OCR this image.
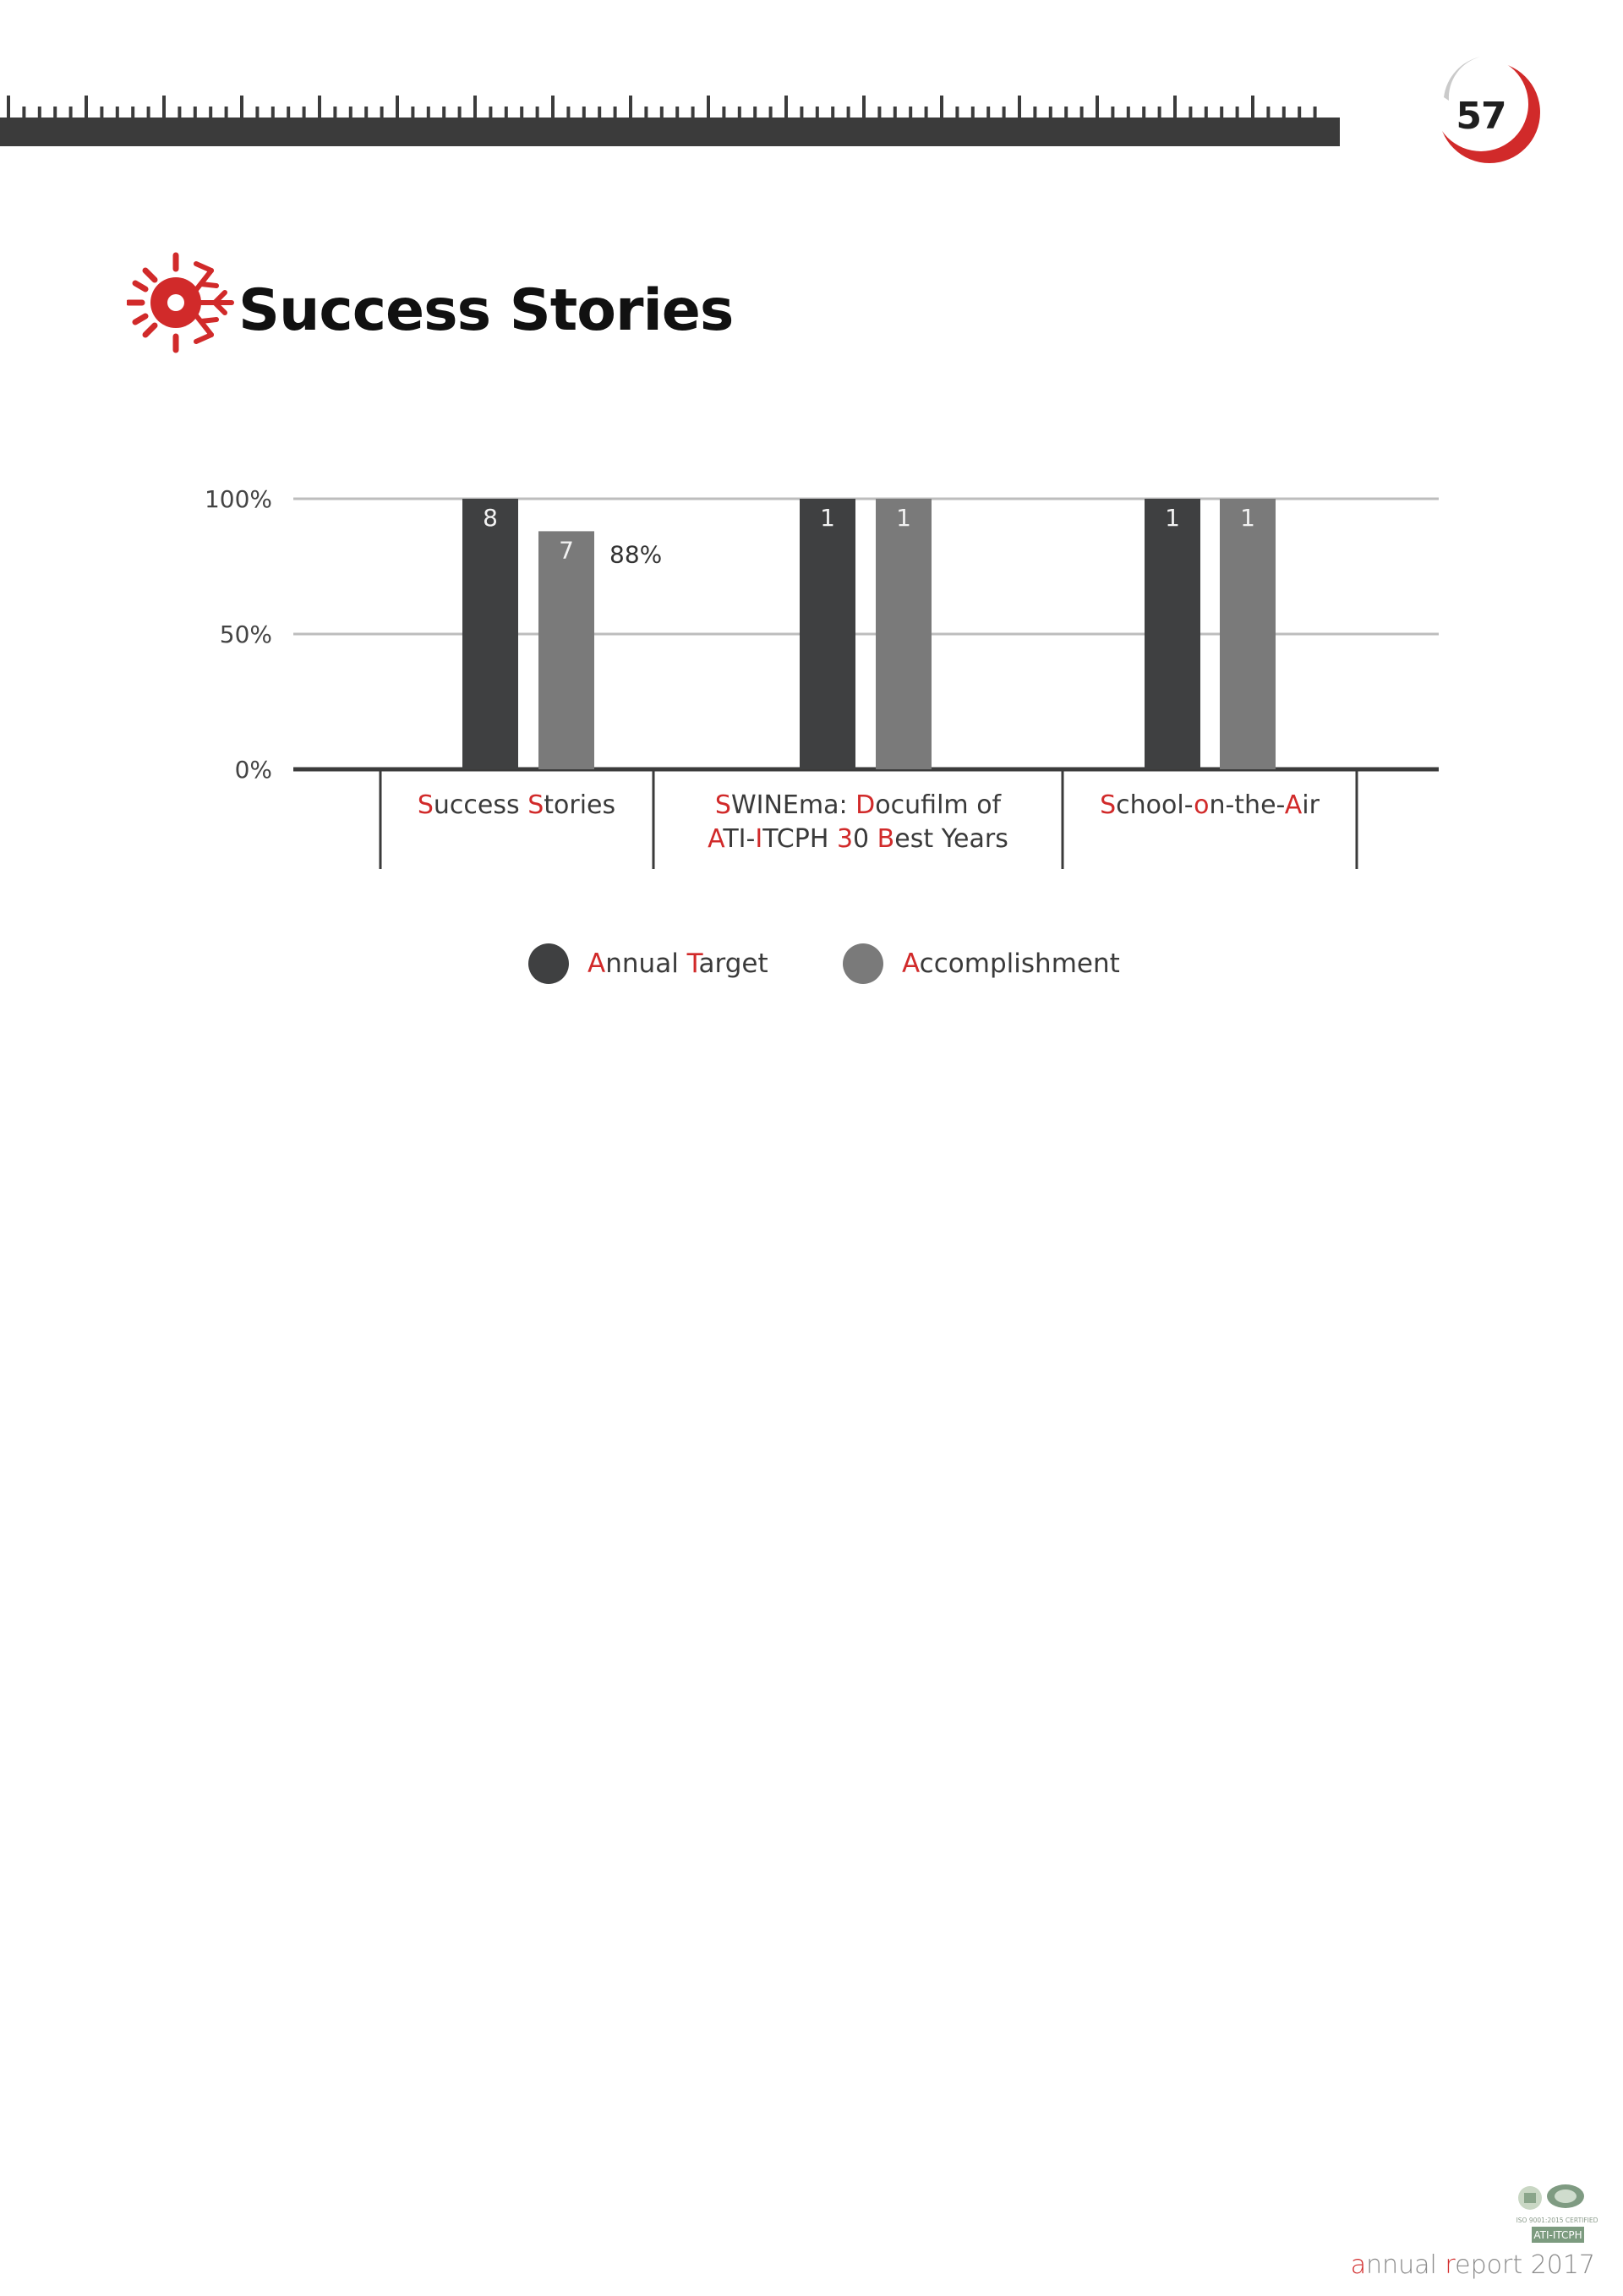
57
Success Stories
0%
50%
100%
Success Stories	SWINEma: Docuflm of
ATI-ITCPH 30 Best Years
School-on-the-Air
8	1	1
7
1	1
88%
Annual Target	Accomplishment
ISO 9001:2015 CERTIFIED
ATI-ITCPH
annual report 2017
